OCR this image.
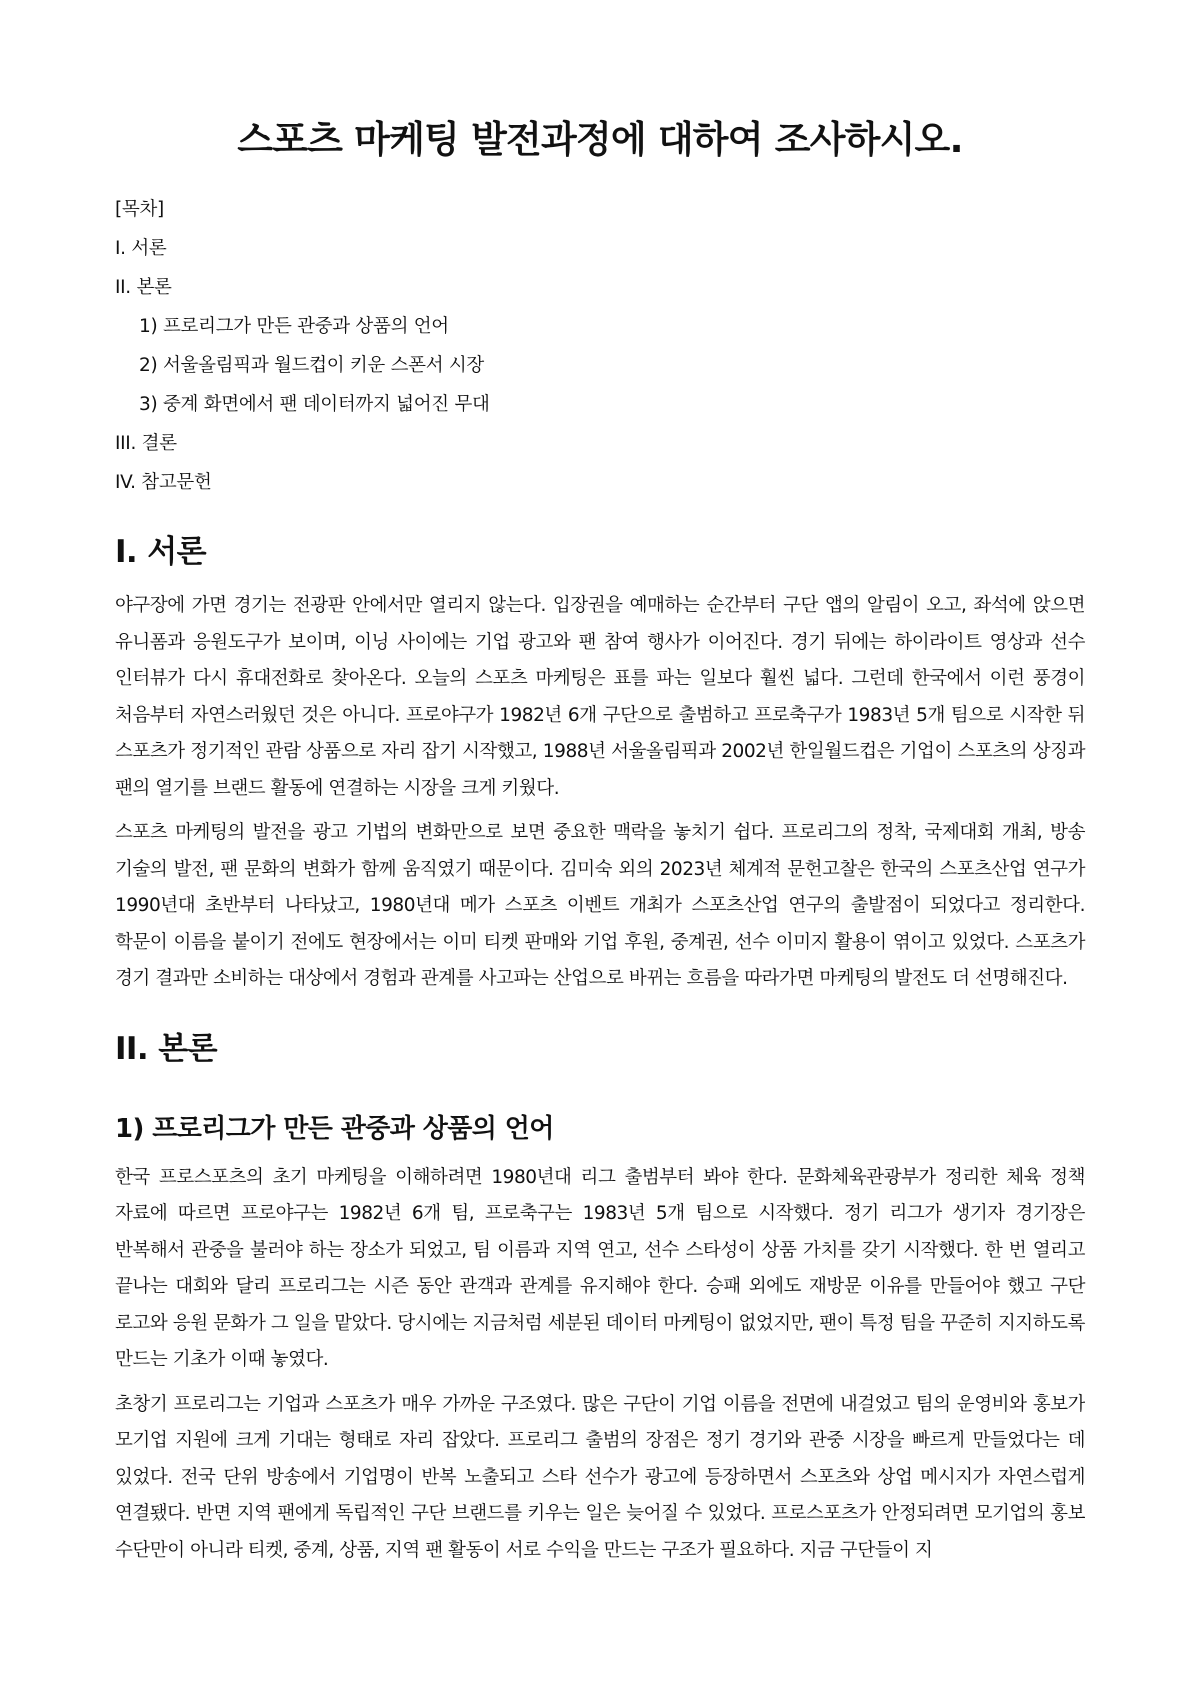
스포츠 마케팅 발전과정에 대하여 조사하시오.
[목차]
I. 서론
II. 본론
1) 프로리그가 만든 관중과 상품의 언어
2) 서울올림픽과 월드컵이 키운 스폰서 시장
3) 중계 화면에서 팬 데이터까지 넓어진 무대
III. 결론
IV. 참고문헌
I. 서론

야구장에 가면 경기는 전광판 안에서만 열리지 않는다. 입장권을 예매하는 순간부터 구단 앱의 알림이 오고, 좌석에 앉으면 유니폼과 응원도구가 보이며, 이닝 사이에는 기업 광고와 팬 참여 행사가 이어진다. 경기 뒤에는 하이라이트 영상과 선수 인터뷰가 다시 휴대전화로 찾아온다. 오늘의 스포츠 마케팅은 표를 파는 일보다 훨씬 넓다. 그런데 한국에서 이런 풍경이 처음부터 자연스러웠던 것은 아니다. 프로야구가 1982년 6개 구단으로 출범하고 프로축구가 1983년 5개 팀으로 시작한 뒤 스포츠가 정기적인 관람 상품으로 자리 잡기 시작했고, 1988년 서울올림픽과 2002년 한일월드컵은 기업이 스포츠의 상징과 팬의 열기를 브랜드 활동에 연결하는 시장을 크게 키웠다.

스포츠 마케팅의 발전을 광고 기법의 변화만으로 보면 중요한 맥락을 놓치기 쉽다. 프로리그의 정착, 국제대회 개최, 방송 기술의 발전, 팬 문화의 변화가 함께 움직였기 때문이다. 김미숙 외의 2023년 체계적 문헌고찰은 한국의 스포츠산업 연구가 1990년대 초반부터 나타났고, 1980년대 메가 스포츠 이벤트 개최가 스포츠산업 연구의 출발점이 되었다고 정리한다. 학문이 이름을 붙이기 전에도 현장에서는 이미 티켓 판매와 기업 후원, 중계권, 선수 이미지 활용이 엮이고 있었다. 스포츠가 경기 결과만 소비하는 대상에서 경험과 관계를 사고파는 산업으로 바뀌는 흐름을 따라가면 마케팅의 발전도 더 선명해진다.

II. 본론
1) 프로리그가 만든 관중과 상품의 언어

한국 프로스포츠의 초기 마케팅을 이해하려면 1980년대 리그 출범부터 봐야 한다. 문화체육관광부가 정리한 체육 정책 자료에 따르면 프로야구는 1982년 6개 팀, 프로축구는 1983년 5개 팀으로 시작했다. 정기 리그가 생기자 경기장은 반복해서 관중을 불러야 하는 장소가 되었고, 팀 이름과 지역 연고, 선수 스타성이 상품 가치를 갖기 시작했다. 한 번 열리고 끝나는 대회와 달리 프로리그는 시즌 동안 관객과 관계를 유지해야 한다. 승패 외에도 재방문 이유를 만들어야 했고 구단 로고와 응원 문화가 그 일을 맡았다. 당시에는 지금처럼 세분된 데이터 마케팅이 없었지만, 팬이 특정 팀을 꾸준히 지지하도록 만드는 기초가 이때 놓였다.

초창기 프로리그는 기업과 스포츠가 매우 가까운 구조였다. 많은 구단이 기업 이름을 전면에 내걸었고 팀의 운영비와 홍보가 모기업 지원에 크게 기대는 형태로 자리 잡았다. 프로리그 출범의 장점은 정기 경기와 관중 시장을 빠르게 만들었다는 데 있었다. 전국 단위 방송에서 기업명이 반복 노출되고 스타 선수가 광고에 등장하면서 스포츠와 상업 메시지가 자연스럽게 연결됐다. 반면 지역 팬에게 독립적인 구단 브랜드를 키우는 일은 늦어질 수 있었다. 프로스포츠가 안정되려면 모기업의 홍보 수단만이 아니라 티켓, 중계, 상품, 지역 팬 활동이 서로 수익을 만드는 구조가 필요하다. 지금 구단들이 지
